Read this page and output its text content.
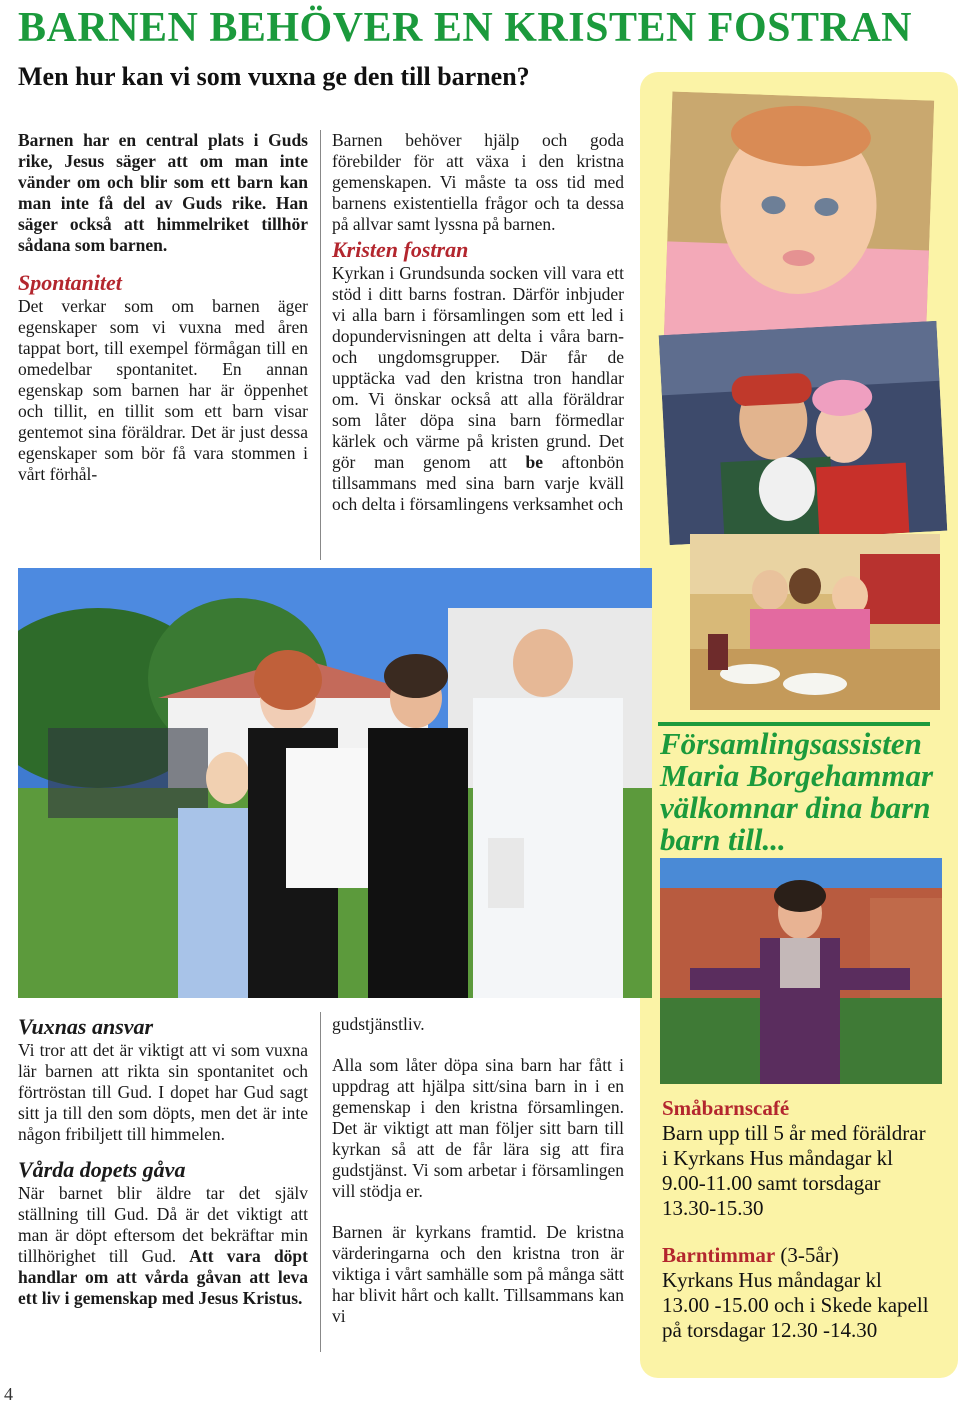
BARNEN BEHÖVER EN KRISTEN FOSTRAN
Men hur kan vi som vuxna ge den till barnen?

Barnen har en central plats i Guds rike, Jesus säger att om man inte vänder om och blir som ett barn kan man inte få del av Guds rike. Han säger också att himmelriket tillhör sådana som barnen.

Spontanitet

Det verkar som om barnen äger egenskaper som vi vuxna med åren tappat bort, till exempel förmågan till en omedelbar spontanitet. En annan egenskap som barnen har är öppenhet och tillit, en tillit som ett barn visar gentemot sina föräldrar. Det är just dessa egenskaper som bör få vara stommen i vårt förhål-

Barnen behöver hjälp och goda förebilder för att växa i den kristna gemenskapen. Vi måste ta oss tid med barnens existentiella frågor och ta dessa på allvar samt lyssna på barnen.

Kristen fostran

Kyrkan i Grundsunda socken vill vara ett stöd i ditt barns fostran. Därför inbjuder vi alla barn i församlingen som ett led i dopundervisningen att delta i våra barn- och ungdomsgrupper. Där får de upptäcka vad den kristna tron handlar om. Vi önskar också att alla föräldrar som låter döpa sina barn förmedlar kärlek och värme på kristen grund. Det gör man genom att be aftonbön tillsammans med sina barn varje kväll och delta i församlingens verksamhet och

Församlingsassisten Maria Borgehammar välkomnar dina barn barn till...
Småbarnscafé
Barn upp till 5 år med föräldrar i Kyrkans Hus måndagar kl 9.00-11.00 samt torsdagar 13.30-15.30
Barntimmar (3-5år)
Kyrkans Hus måndagar kl 13.00 -15.00 och i Skede kapell på torsdagar 12.30 -14.30

Vuxnas ansvar

Vi tror att det är viktigt att vi som vuxna lär barnen att rikta sin spontanitet och förtröstan till Gud. I dopet har Gud sagt sitt ja till den som döpts, men det är inte någon fribiljett till himmelen.

Vårda dopets gåva

När barnet blir äldre tar det själv ställning till Gud. Då är det viktigt att man är döpt eftersom det bekräftar min tillhörighet till Gud. Att vara döpt handlar om att vårda gåvan att leva ett liv i gemenskap med Jesus Kristus.

gudstjänstliv.

Alla som låter döpa sina barn har fått i uppdrag att hjälpa sitt/sina barn in i en gemenskap i den kristna församlingen. Det är viktigt att man följer sitt barn till kyrkan så att de får lära sig att fira gudstjänst. Vi som arbetar i församlingen vill stödja er.

Barnen är kyrkans framtid. De kristna värderingarna och den kristna tron är viktiga i vårt samhälle som på många sätt har blivit hårt och kallt. Tillsammans kan vi

4
